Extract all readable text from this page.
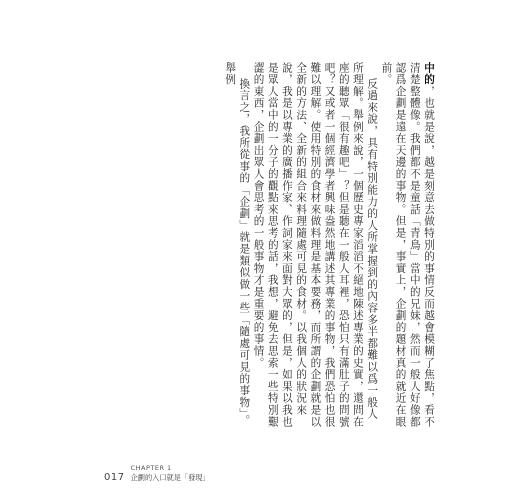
中的，也就是說，越是刻意去做特別的事情反而越會模糊了焦點，看不清楚整體像。我們都不是童話「青鳥」當中的兄妹，然而一般人好像都認爲企劃是遠在天邊的事物。但是，事實上，企劃的題材真的就近在眼前。

反過來說，具有特別能力的人所掌握到的內容多半都難以爲一般人所理解。舉例來說，一個歷史專家滔滔不絕地陳述專業的史實，還問在座的聽眾「很有趣吧」？但是聽在一般人耳裡，恐怕只有滿肚子的問號吧？又或者一個經濟學者興味盎然地講述其專業的事物，我們恐怕也很難以理解。使用特別的食材來做料理是基本要務，而所謂的企劃就是以全新的方法、全新的組合來料理隨處可見的食材。以我個人的狀況來說，我是以專業的廣播作家、作詞家來面對大眾的，但是，如果以我也是眾人當中的一分子的觀點來思考的話，我想，避免去思索一些特別艱澀的東西，企劃出眾人會思考的一般事物才是重要的事情。

換言之，我所從事的「企劃」就是類似做一些「隨處可見的事物」。舉例

017
CHAPTER 1
企劃的入口就是「發現」
